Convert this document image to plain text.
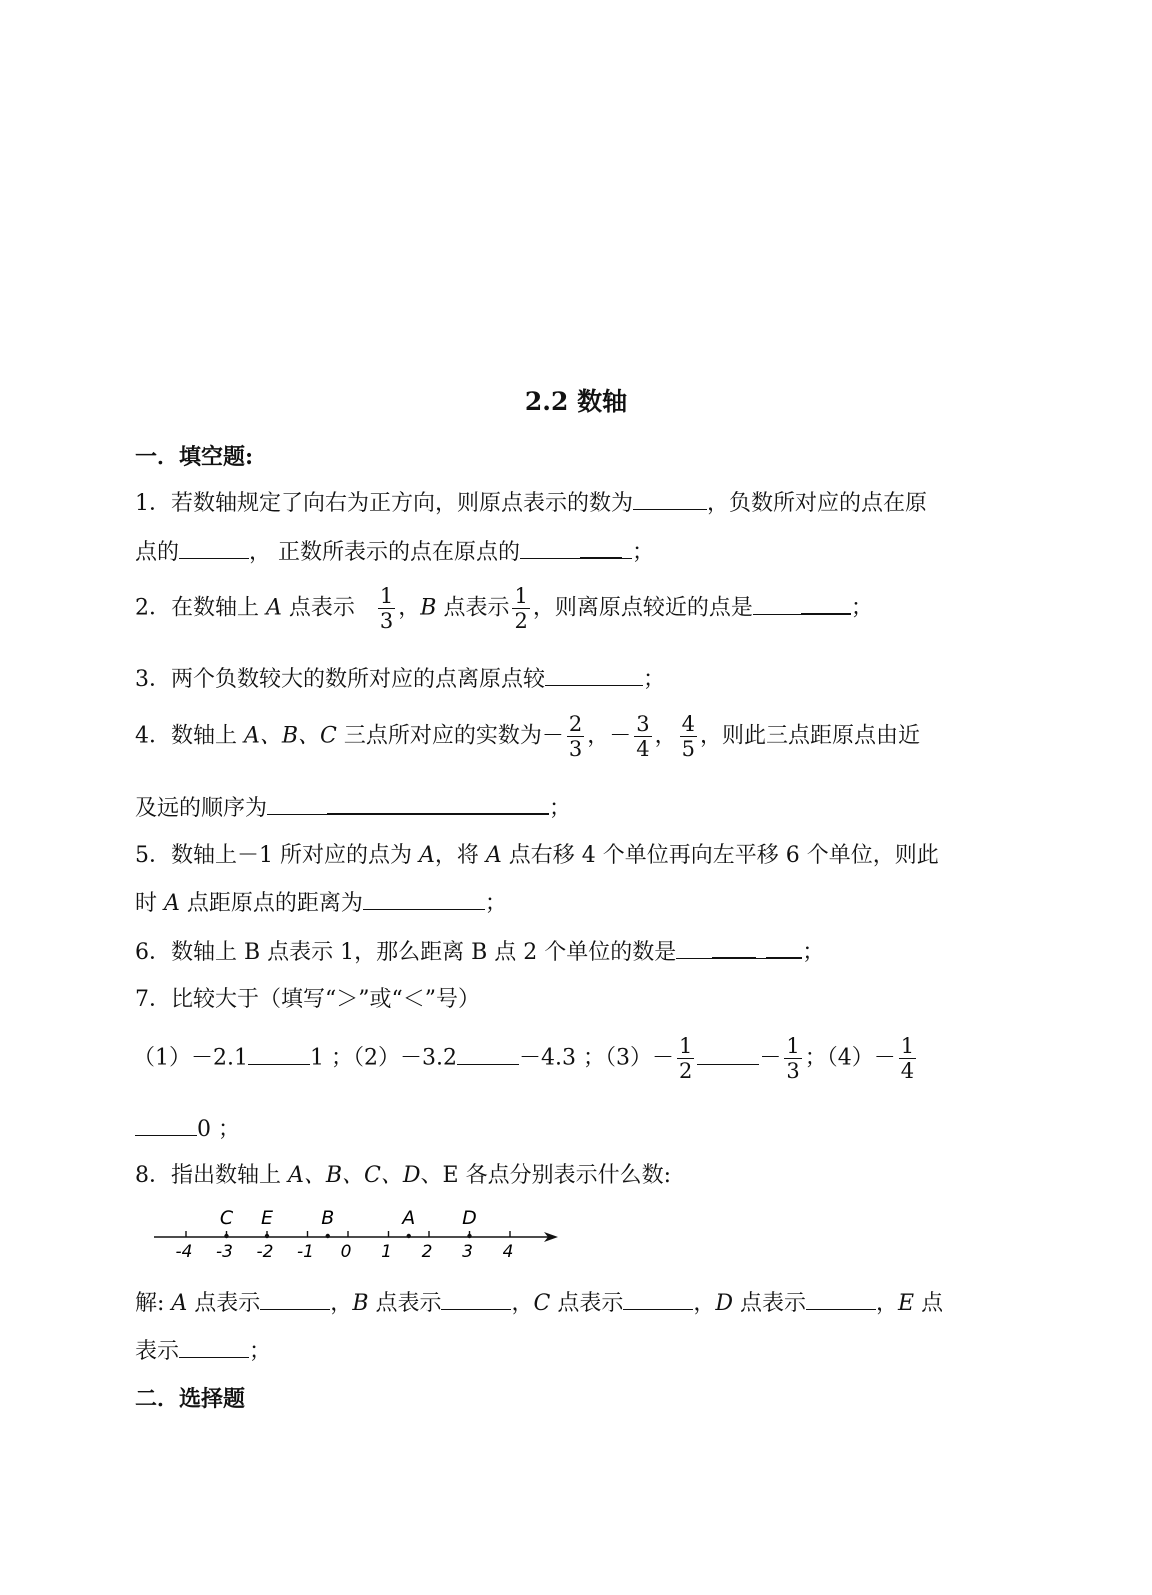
2.2 数轴
一．填空题:
1．若数轴规定了向右为正方向，则原点表示的数为	，负数所对应的点在原
点的	， 正数所表示的点在原点的	；
2．在数轴上 A 点表示 $\frac{1}{3}$ ，B 点表示 $\frac{1}{2}$ ，则离原点较近的点是	；
3．两个负数较大的数所对应的点离原点较	；
4．数轴上 A、B、C 三点所对应的实数为－ $\frac{2}{3}$ ，－ $\frac{3}{4}$ ， $\frac{4}{5}$ ，则此三点距原点由近
及远的顺序为	；
5．数轴上－1 所对应的点为 A，将 A 点右移 4 个单位再向左平移 6 个单位，则此
时 A 点距原点的距离为	；
6．数轴上 B 点表示 1，那么距离 B 点 2 个单位的数是	；
7．比较大于（填写“＞”或“＜”号）
（1）－2.1	1 ；（2）－3.2	－4.3 ；$(3)- \frac{1}{2}$	－ $\frac{1}{3}$ ；$(4)- \frac{1}{4}$
0 ；
8．指出数轴上 A、B、C、D、E 各点分别表示什么数:
-4 -3 -2 -1 0 1 2 3 4
C E	B	A D
解: A 点表示	，B 点表示	，C 点表示	，D 点表示	，E 点
表示	；
二．选择题
